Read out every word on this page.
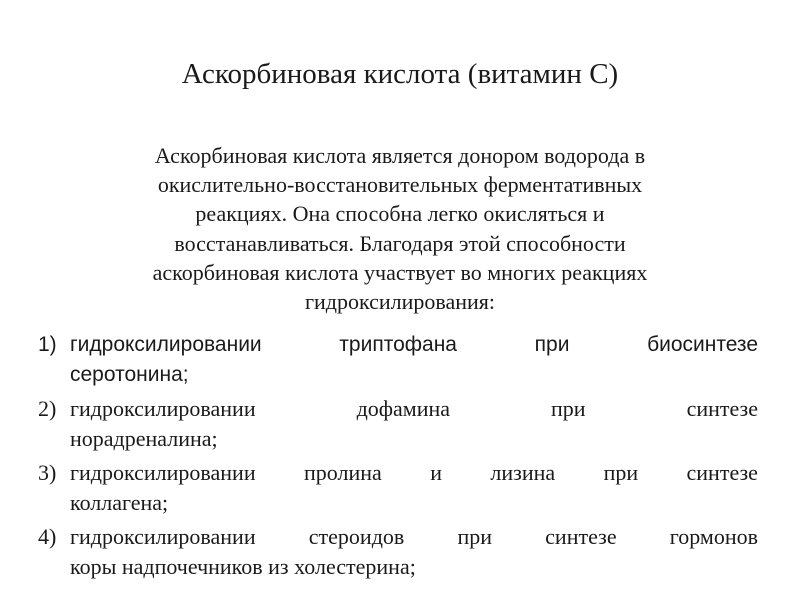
Аскорбиновая кислота (витамин С)
Аскорбиновая кислота является донором водорода в
окислительно-восстановительных ферментативных
реакциях. Она способна легко окисляться и
восстанавливаться. Благодаря этой способности
аскорбиновая кислота участвует во многих реакциях
гидроксилирования:
1) гидроксилировании	триптофана	при	биосинтезе
серотонина;
2) гидроксилировании	дофамина	при	синтезе
норадреналина;
3) гидроксилировании пролина и лизина при синтезе
коллагена;
4) гидроксилировании стероидов при синтезе гормонов
коры надпочечников из холестерина;
